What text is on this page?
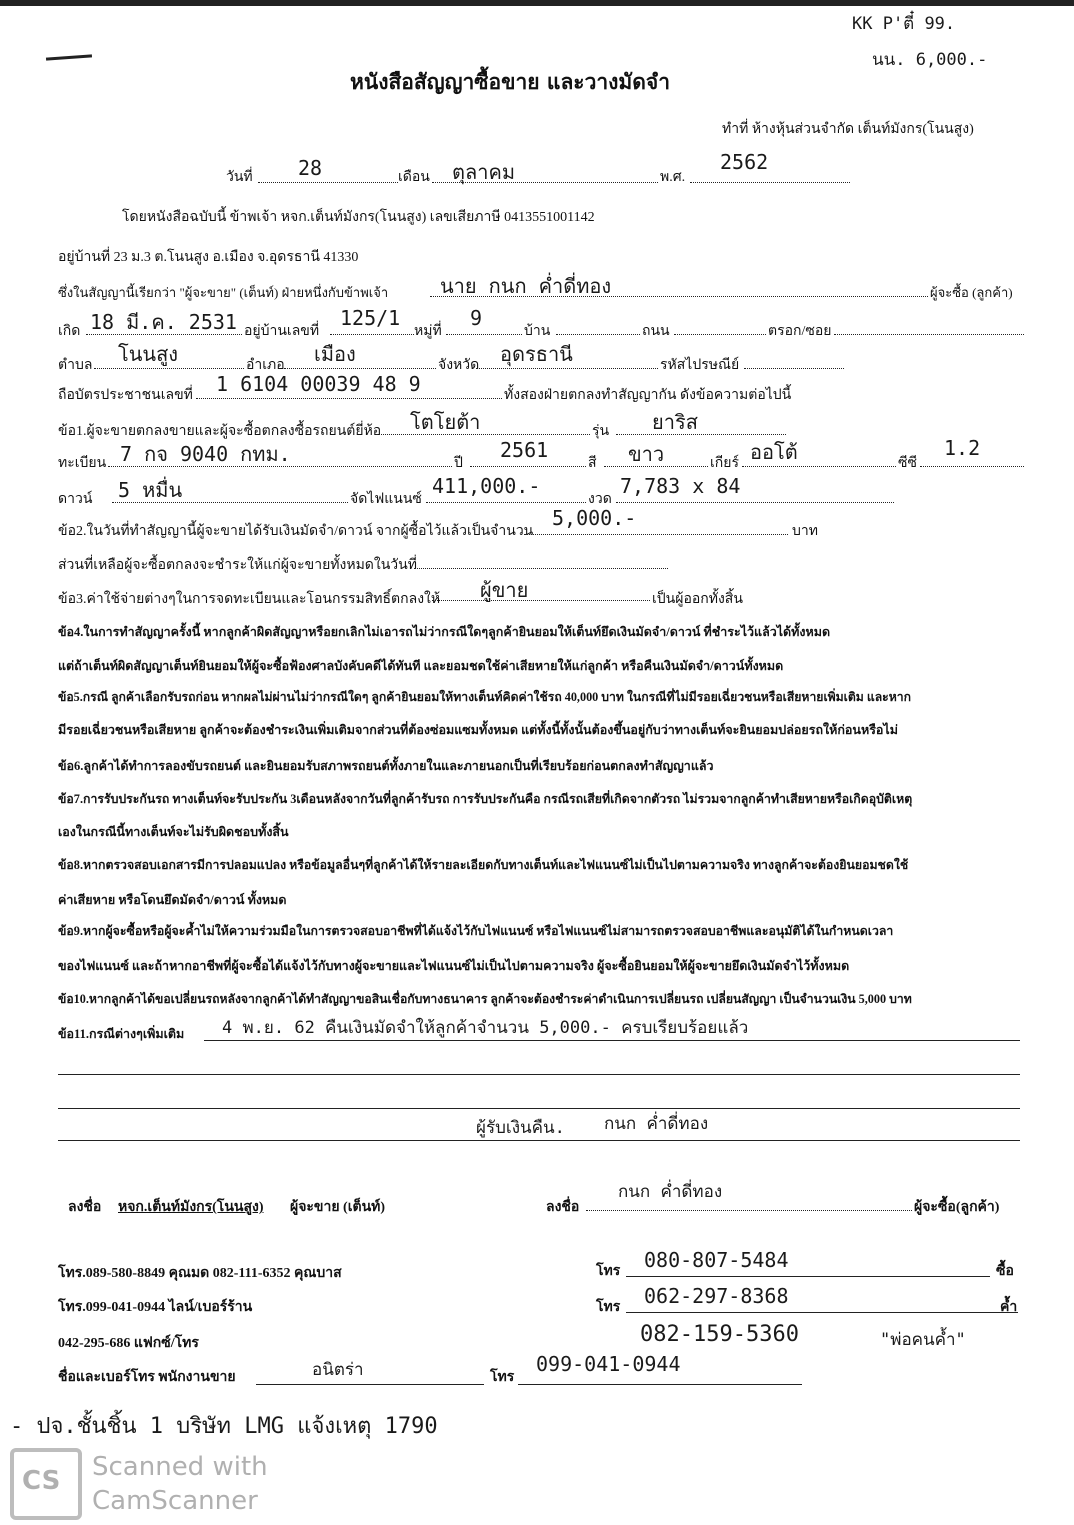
KK P'ตี๋ 99.
นน. 6,000.-
หนังสือสัญญาซื้อขาย และวางมัดจำ
ทำที่ ห้างหุ้นส่วนจำกัด เต็นท์มังกร(โนนสูง)
วันที่ 28	เดือน ตุลาคม	พ.ศ.
2562
โดยหนังสือฉบับนี้ ข้าพเจ้า หจก.เต็นท์มังกร(โนนสูง) เลขเสียภาษี 0413551001142
อยู่บ้านที่ 23 ม.3 ต.โนนสูง อ.เมือง จ.อุดรธานี 41330
ซึ่งในสัญญานี้เรียกว่า "ผู้จะขาย" (เต็นท์) ฝ่ายหนึ่งกับข้าพเจ้า	นาย กนก ค่ำดี่ทอง	ผู้จะซื้อ (ลูกค้า)
เกิด 18 มี.ค. 2531 อยู่บ้านเลขที่
125/1
หมู่ที่
9
บ้าน	ถนน	ตรอก/ซอย
ตำบล โนนสูง	อำเภอ เมือง	จังหวัด อุดรธานี	รหัสไปรษณีย์
ถือบัตรประชาชนเลขที่ 1 6104 00039 48 9	ทั้งสองฝ่ายตกลงทำสัญญากัน ดังข้อความต่อไปนี้
ข้อ1.ผู้จะขายตกลงขายและผู้จะซื้อตกลงซื้อรถยนต์ยี่ห้อ โตโยต้า	รุ่น ยาริส
ทะเบียน 7 กจ 9040 กทม.	ปี
2561
สี ขาว	เกียร์ ออโต้	ซีซี
1.2
ดาวน์ 5 หมื่น	จัดไฟแนนซ์
411,000.-
งวด
7,783 x 84
ข้อ2.ในวันที่ทำสัญญานี้ผู้จะขายได้รับเงินมัดจำ/ดาวน์ จากผู้ซื้อไว้แล้วเป็นจำนวน
5,000.-
บาท
ส่วนที่เหลือผู้จะซื้อตกลงจะชำระให้แก่ผู้จะขายทั้งหมดในวันที่
ข้อ3.ค่าใช้จ่ายต่างๆในการจดทะเบียนและโอนกรรมสิทธิ์ตกลงให้ ผู้ขาย	เป็นผู้ออกทั้งสิ้น
ข้อ4.ในการทำสัญญาครั้งนี้ หากลูกค้าผิดสัญญาหรือยกเลิกไม่เอารถไม่ว่ากรณีใดๆลูกค้ายินยอมให้เต็นท์ยึดเงินมัดจำ/ดาวน์ ที่ชำระไว้แล้วได้ทั้งหมด
แต่ถ้าเต็นท์ผิดสัญญาเต็นท์ยินยอมให้ผู้จะซื้อฟ้องศาลบังคับคดีได้ทันที และยอมชดใช้ค่าเสียหายให้แก่ลูกค้า หรือคืนเงินมัดจำ/ดาวน์ทั้งหมด
ข้อ5.กรณี ลูกค้าเลือกรับรถก่อน หากผลไม่ผ่านไม่ว่ากรณีใดๆ ลูกค้ายินยอมให้ทางเต็นท์คิดค่าใช้รถ 40,000 บาท ในกรณีที่ไม่มีรอยเฉี่ยวชนหรือเสียหายเพิ่มเติม และหาก
มีรอยเฉี่ยวชนหรือเสียหาย ลูกค้าจะต้องชำระเงินเพิ่มเติมจากส่วนที่ต้องซ่อมแซมทั้งหมด แต่ทั้งนี้ทั้งนั้นต้องขึ้นอยู่กับว่าทางเต็นท์จะยินยอมปล่อยรถให้ก่อนหรือไม่
ข้อ6.ลูกค้าได้ทำการลองขับรถยนต์ และยินยอมรับสภาพรถยนต์ทั้งภายในและภายนอกเป็นที่เรียบร้อยก่อนตกลงทำสัญญาแล้ว
ข้อ7.การรับประกันรถ ทางเต็นท์จะรับประกัน 3เดือนหลังจากวันที่ลูกค้ารับรถ การรับประกันคือ กรณีรถเสียที่เกิดจากตัวรถ ไม่รวมจากลูกค้าทำเสียหายหรือเกิดอุบัติเหตุ
เองในกรณีนี้ทางเต็นท์จะไม่รับผิดชอบทั้งสิ้น
ข้อ8.หากตรวจสอบเอกสารมีการปลอมแปลง หรือข้อมูลอื่นๆที่ลูกค้าได้ให้รายละเอียดกับทางเต็นท์และไฟแนนซ์ไม่เป็นไปตามความจริง ทางลูกค้าจะต้องยินยอมชดใช้
ค่าเสียหาย หรือโดนยึดมัดจำ/ดาวน์ ทั้งหมด
ข้อ9.หากผู้จะซื้อหรือผู้จะค้ำไม่ให้ความร่วมมือในการตรวจสอบอาชีพที่ได้แจ้งไว้กับไฟแนนซ์ หรือไฟแนนซ์ไม่สามารถตรวจสอบอาชีพและอนุมัติได้ในกำหนดเวลา
ของไฟแนนซ์ และถ้าหากอาชีพที่ผู้จะซื้อได้แจ้งไว้กับทางผู้จะขายและไฟแนนซ์ไม่เป็นไปตามความจริง ผู้จะซื้อยินยอมให้ผู้จะขายยึดเงินมัดจำไว้ทั้งหมด
ข้อ10.หากลูกค้าได้ขอเปลี่ยนรถหลังจากลูกค้าได้ทำสัญญาขอสินเชื่อกับทางธนาคาร ลูกค้าจะต้องชำระค่าดำเนินการเปลี่ยนรถ เปลี่ยนสัญญา เป็นจำนวนเงิน 5,000 บาท
ข้อ11.กรณีต่างๆเพิ่มเติม 4 พ.ย. 62 คืนเงินมัดจำให้ลูกค้าจำนวน 5,000.- ครบเรียบร้อยแล้ว
ผู้รับเงินคืน. กนก ค่ำดี่ทอง
ลงชื่อ หจก.เต็นท์มังกร(โนนสูง) ผู้จะขาย (เต็นท์)	ลงชื่อ
กนก ค่ำดี่ทอง
ผู้จะซื้อ(ลูกค้า)
โทร.089-580-8849 คุณมด 082-111-6352 คุณบาส
โทร.099-041-0944 ไลน์/เบอร์ร้าน
042-295-686 แฟกซ์/โทร
โทร 080-807-5484	ซื้อ
โทร 062-297-8368	ค้ำ
082-159-5360	"พ่อคนค้ำ"
ชื่อและเบอร์โทร พนักงานขาย	อนิตร่า	โทร
099-041-0944
- ปจ.ชั้นชิ้น 1 บริษัท LMG แจ้งเหตุ 1790
CS Scanned with
CamScanner
